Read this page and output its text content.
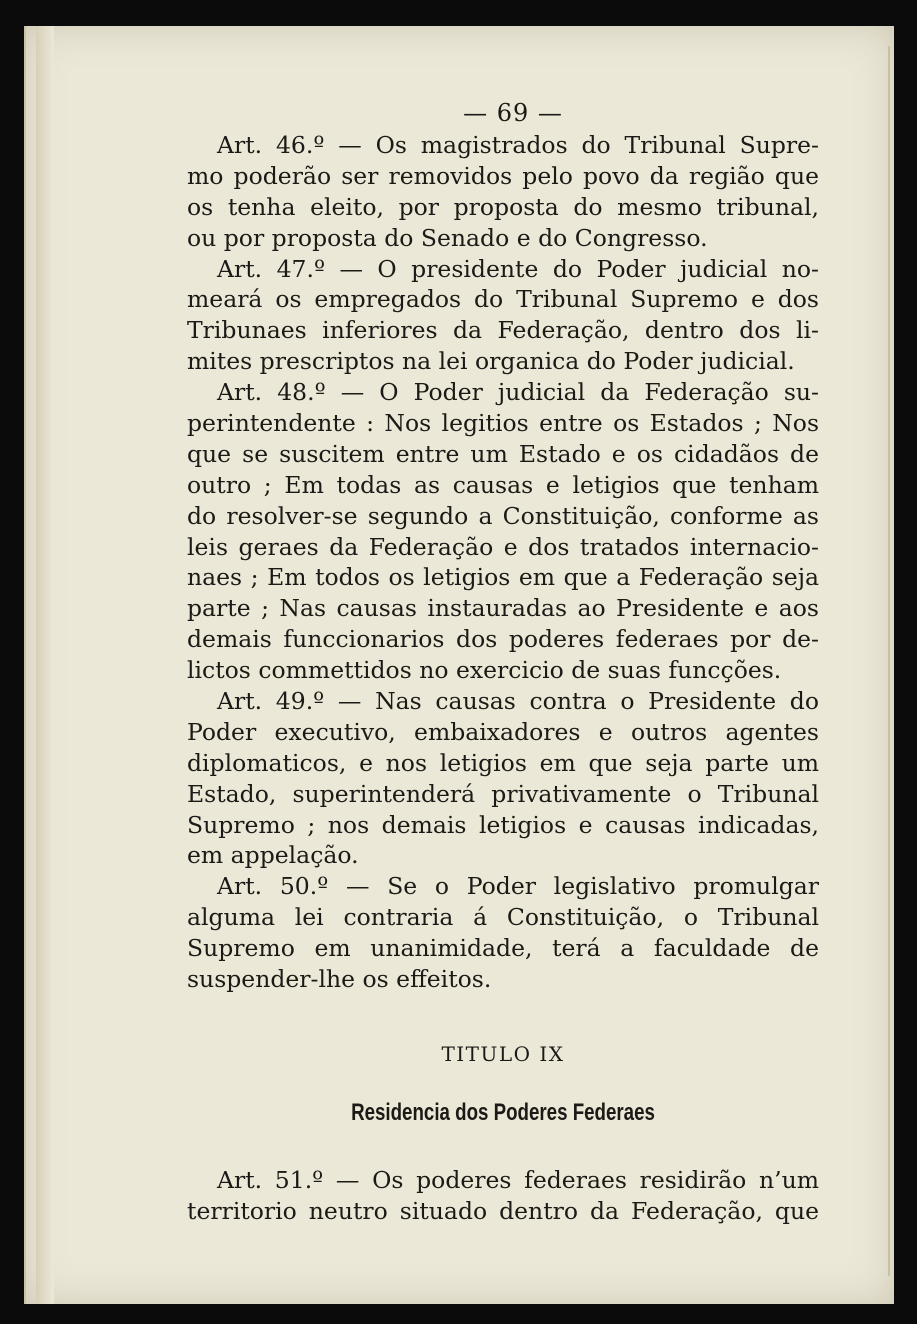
— 69 —
Art. 46.º — Os magistrados do Tribunal Supre-
mo poderão ser removidos pelo povo da região que
os tenha eleito, por proposta do mesmo tribunal,
ou por proposta do Senado e do Congresso.
Art. 47.º — O presidente do Poder judicial no-
meará os empregados do Tribunal Supremo e dos
Tribunaes inferiores da Federação, dentro dos li-
mites prescriptos na lei organica do Poder judicial.
Art. 48.º — O Poder judicial da Federação su-
perintendente : Nos legitios entre os Estados ; Nos
que se suscitem entre um Estado e os cidadãos de
outro ; Em todas as causas e letigios que tenham
do resolver-se segundo a Constituição, conforme as
leis geraes da Federação e dos tratados internacio-
naes ; Em todos os letigios em que a Federação seja
parte ; Nas causas instauradas ao Presidente e aos
demais funccionarios dos poderes federaes por de-
lictos commettidos no exercicio de suas funcções.
Art. 49.º — Nas causas contra o Presidente do
Poder executivo, embaixadores e outros agentes
diplomaticos, e nos letigios em que seja parte um
Estado, superintenderá privativamente o Tribunal
Supremo ; nos demais letigios e causas indicadas,
em appelação.
Art. 50.º — Se o Poder legislativo promulgar
alguma lei contraria á Constituição, o Tribunal
Supremo em unanimidade, terá a faculdade de
suspender-lhe os effeitos.
TITULO IX
Residencia dos Poderes Federaes
Art. 51.º — Os poderes federaes residirão n’um
territorio neutro situado dentro da Federação, que
